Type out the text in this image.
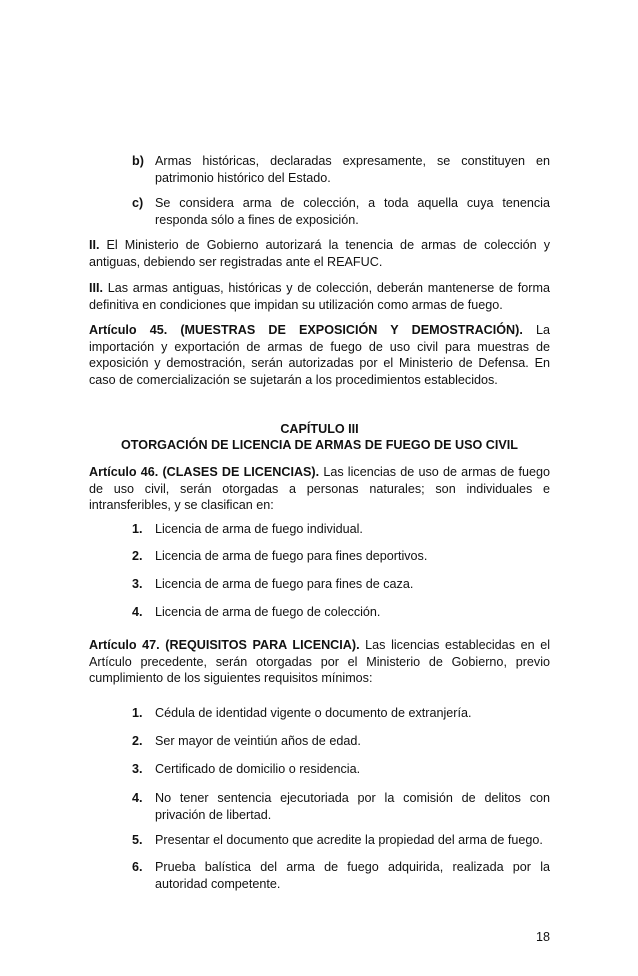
b) Armas históricas, declaradas expresamente, se constituyen en patrimonio histórico del Estado.
c) Se considera arma de colección, a toda aquella cuya tenencia responda sólo a fines de exposición.

II. El Ministerio de Gobierno autorizará la tenencia de armas de colección y antiguas, debiendo ser registradas ante el REAFUC.

III. Las armas antiguas, históricas y de colección, deberán mantenerse de forma definitiva en condiciones que impidan su utilización como armas de fuego.

Artículo 45. (MUESTRAS DE EXPOSICIÓN Y DEMOSTRACIÓN). La importación y exportación de armas de fuego de uso civil para muestras de exposición y demostración, serán autorizadas por el Ministerio de Defensa. En caso de comercialización se sujetarán a los procedimientos establecidos.

CAPÍTULO III

OTORGACIÓN DE LICENCIA DE ARMAS DE FUEGO DE USO CIVIL

Artículo 46. (CLASES DE LICENCIAS). Las licencias de uso de armas de fuego de uso civil, serán otorgadas a personas naturales; son individuales e intransferibles, y se clasifican en:

1. Licencia de arma de fuego individual.
2. Licencia de arma de fuego para fines deportivos.
3. Licencia de arma de fuego para fines de caza.
4. Licencia de arma de fuego de colección.

Artículo 47. (REQUISITOS PARA LICENCIA). Las licencias establecidas en el Artículo precedente, serán otorgadas por el Ministerio de Gobierno, previo cumplimiento de los siguientes requisitos mínimos:

1. Cédula de identidad vigente o documento de extranjería.
2. Ser mayor de veintiún años de edad.
3. Certificado de domicilio o residencia.
4. No tener sentencia ejecutoriada por la comisión de delitos con privación de libertad.
5. Presentar el documento que acredite la propiedad del arma de fuego.
6. Prueba balística del arma de fuego adquirida, realizada por la autoridad competente.
18
